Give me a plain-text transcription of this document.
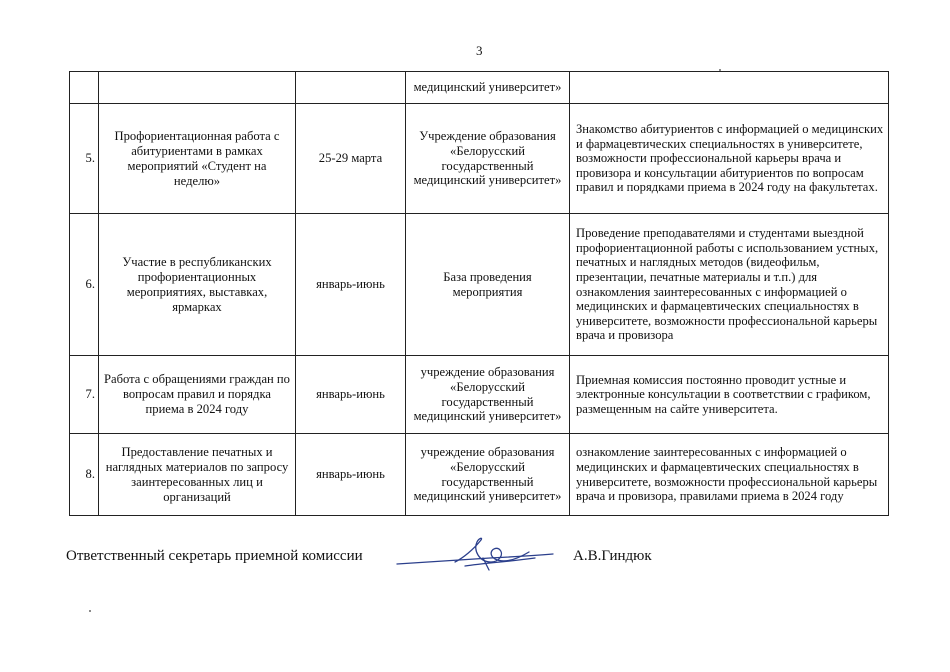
3
			медицинский университет»	
5.	Профориентационная работа с абитуриентами в рамках мероприятий «Студент на неделю»	25-29 марта	Учреждение образования «Белорусский государственный медицинский университет»	Знакомство абитуриентов с информацией о медицинских и фармацевтических специальностях в университете, возможности профессиональной карьеры врача и провизора и консультации абитуриентов по вопросам правил и порядками приема в 2024 году на факультетах.
6.	Участие в республиканских профориентационных мероприятиях, выставках, ярмарках	январь-июнь	База проведения мероприятия	Проведение преподавателями и студентами выездной профориентационной работы с использованием устных, печатных и наглядных методов (видеофильм, презентации, печатные материалы и т.п.) для ознакомления заинтересованных с информацией о медицинских и фармацевтических специальностях в университете, возможности профессиональной карьеры врача и провизора
7.	Работа с обращениями граждан по вопросам правил и порядка приема в 2024 году	январь-июнь	учреждение образования «Белорусский государственный медицинский университет»	Приемная комиссия постоянно проводит устные и электронные консультации в соответствии с графиком, размещенным на сайте университета.
8.	Предоставление печатных и наглядных материалов по запросу заинтересованных лиц и организаций	январь-июнь	учреждение образования «Белорусский государственный медицинский университет»	ознакомление заинтересованных с информацией о медицинских и фармацевтических специальностях в университете, возможности профессиональной карьеры врача и провизора, правилами приема в 2024 году
Ответственный секретарь приемной комиссии	А.В.Гиндюк
